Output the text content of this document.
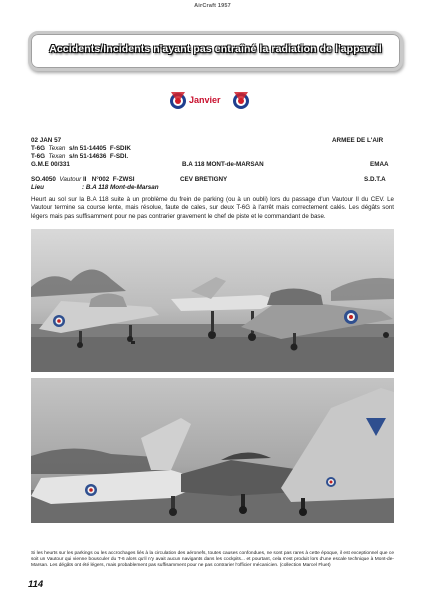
AirCraft 1957
Accidents/Incidents n'ayant pas entraîné la radiation de l'appareil
Janvier
02 JAN 57	ARMEE DE L'AIR
T-6G Texan s/n 51-14405 F-SDIK
T-6G Texan s/n 51-14636 F-SDI.
G.M.E 00/331	B.A 118 MONT-de-MARSAN	EMAA
SO.4050 Vautour II N°002 F-ZWSI	CEV BRETIGNY	S.D.T.A
Lieu	: B.A 118 Mont-de-Marsan
Heurt au sol sur la B.A 118 suite à un problème du frein de parking (ou à un oubli) lors du passage d'un Vautour II du CEV. Le Vautour termine sa course lente, mais résolue, faute de cales, sur deux T-6G à l'arrêt mais correctement calés. Les dégâts sont légers mais pas suffisamment pour ne pas contrarier gravement le chef de piste et le commandant de base.
Si les heurts sur les parkings ou les accrochages liés à la circulation des aéronefs, toutes causes confondues, ne sont pas rares à cette époque, il est exceptionnel que ce soit un Vautour qui vienne bousculer du T-6 alors qu'il n'y avait aucun navigants dans les cockpits... et pourtant, cela s'est produit lors d'une escale technique à Mont-de-Marsan. Les dégâts ont été légers, mais probablement pas suffisamment pour ne pas contrarier l'officier mécanicien. (collection Marcel Fluet)
114
